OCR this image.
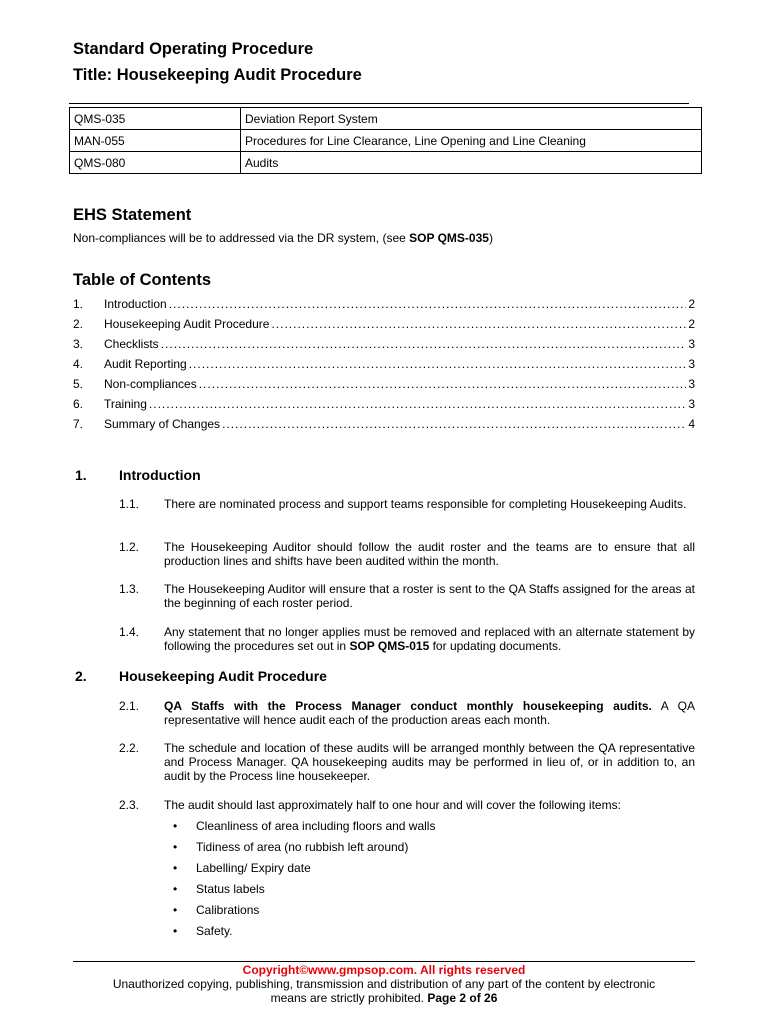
Standard Operating Procedure
Title: Housekeeping Audit Procedure
QMS-035	Deviation Report System
MAN-055	Procedures for Line Clearance, Line Opening and Line Cleaning
QMS-080	Audits
EHS Statement
Non-compliances will be to addressed via the DR system, (see SOP QMS-035)
Table of Contents
1.	Introduction .....	2
2.	Housekeeping Audit Procedure .....	2
3.	Checklists .....	3
4.	Audit Reporting .....	3
5.	Non-compliances .....	3
6.	Training .....	3
7.	Summary of Changes .....	4
1. Introduction
1.1. There are nominated process and support teams responsible for completing Housekeeping Audits.
1.2. The Housekeeping Auditor should follow the audit roster and the teams are to ensure that all production lines and shifts have been audited within the month.
1.3. The Housekeeping Auditor will ensure that a roster is sent to the QA Staffs assigned for the areas at the beginning of each roster period.
1.4. Any statement that no longer applies must be removed and replaced with an alternate statement by following the procedures set out in SOP QMS-015 for updating documents.
2. Housekeeping Audit Procedure
2.1. QA Staffs with the Process Manager conduct monthly housekeeping audits. A QA representative will hence audit each of the production areas each month.
2.2. The schedule and location of these audits will be arranged monthly between the QA representative and Process Manager. QA housekeeping audits may be performed in lieu of, or in addition to, an audit by the Process line housekeeper.
2.3. The audit should last approximately half to one hour and will cover the following items:
• Cleanliness of area including floors and walls
• Tidiness of area (no rubbish left around)
• Labelling/ Expiry date
• Status labels
• Calibrations
• Safety.
Copyright©www.gmpsop.com. All rights reserved
Unauthorized copying, publishing, transmission and distribution of any part of the content by electronic
means are strictly prohibited. Page 2 of 26
